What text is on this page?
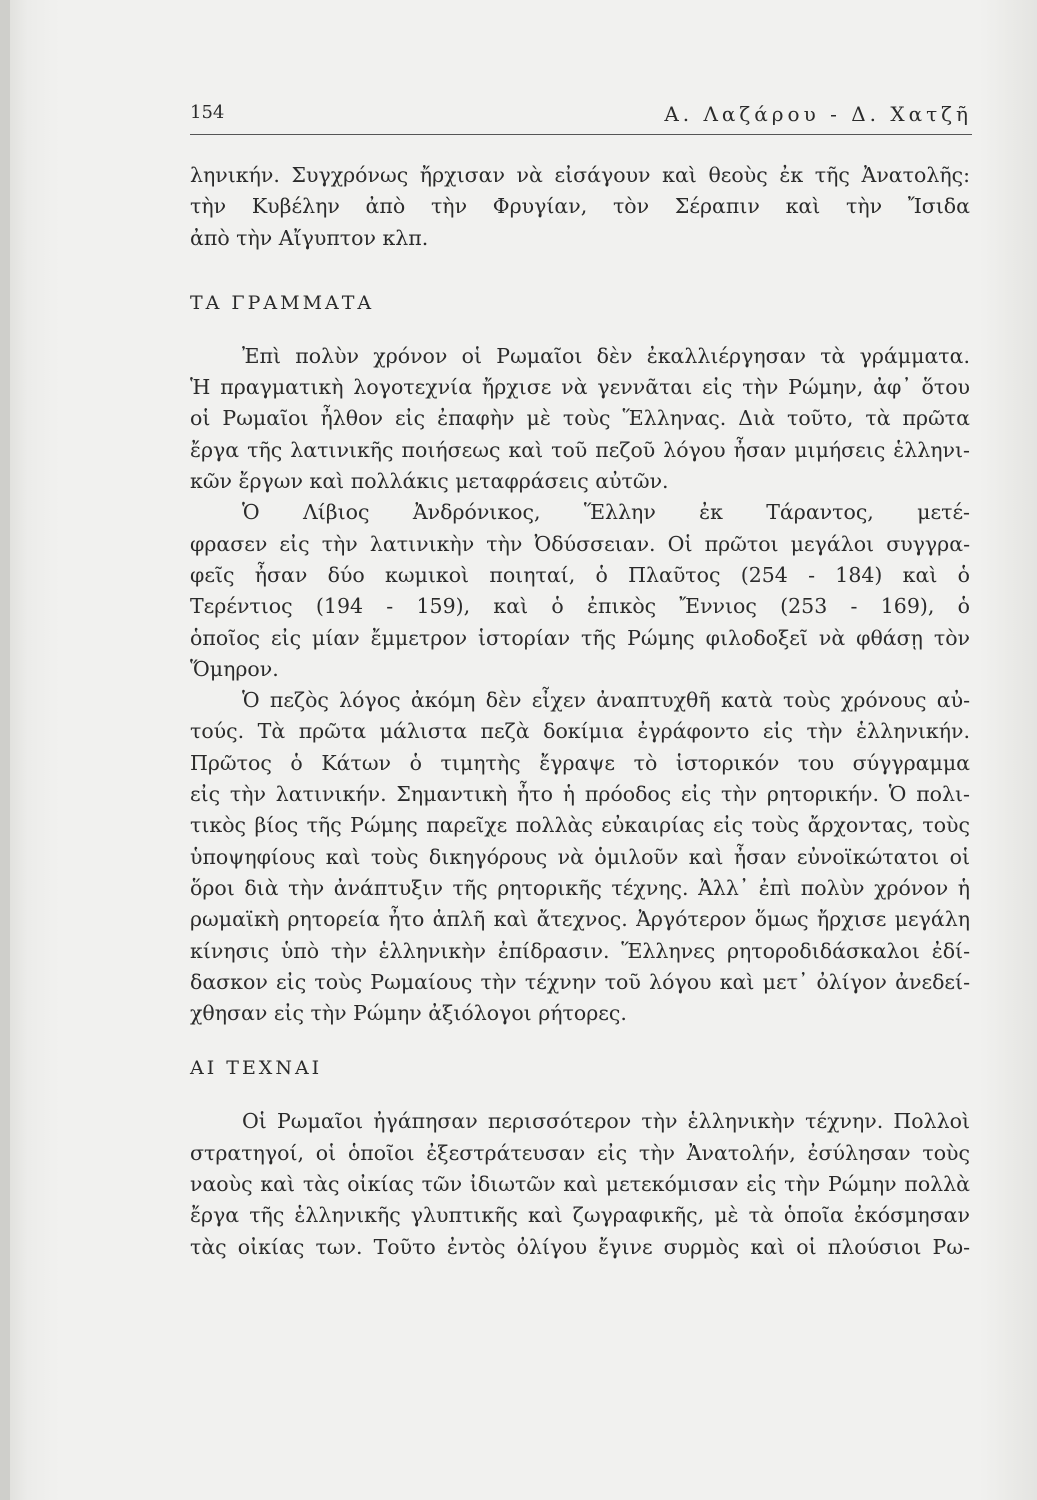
154	Α. Λαζάρου - Δ. Χατζῆ
ληνικήν. Συγχρόνως ἤρχισαν νὰ εἰσάγουν καὶ θεοὺς ἐκ τῆς Ἀνατολῆς:
τὴν Κυβέλην ἀπὸ τὴν Φρυγίαν, τὸν Σέραπιν καὶ τὴν Ἴσιδα
ἀπὸ τὴν Αἴγυπτον κλπ.
ΤΑ ΓΡΑΜΜΑΤΑ
Ἐπὶ πολὺν χρόνον οἱ Ρωμαῖοι δὲν ἐκαλλιέργησαν τὰ γράμματα.
Ἡ πραγματικὴ λογοτεχνία ἤρχισε νὰ γεννᾶται εἰς τὴν Ρώμην, ἀφ᾽ ὅτου
οἱ Ρωμαῖοι ἦλθον εἰς ἐπαφὴν μὲ τοὺς Ἕλληνας. Διὰ τοῦτο, τὰ πρῶτα
ἔργα τῆς λατινικῆς ποιήσεως καὶ τοῦ πεζοῦ λόγου ἦσαν μιμήσεις ἑλληνι-
κῶν ἔργων καὶ πολλάκις μεταφράσεις αὐτῶν.
Ὁ Λίβιος Ἀνδρόνικος, Ἕλλην ἐκ Τάραντος, μετέ-
φρασεν εἰς τὴν λατινικὴν τὴν Ὀδύσσειαν. Οἱ πρῶτοι μεγάλοι συγγρα-
φεῖς ἦσαν δύο κωμικοὶ ποιηταί, ὁ Πλαῦτος (254 - 184) καὶ ὁ
Τερέντιος (194 - 159), καὶ ὁ ἐπικὸς Ἔννιος (253 - 169), ὁ
ὁποῖος εἰς μίαν ἔμμετρον ἱστορίαν τῆς Ρώμης φιλοδοξεῖ νὰ φθάσῃ τὸν
Ὅμηρον.
Ὁ πεζὸς λόγος ἀκόμη δὲν εἶχεν ἀναπτυχθῆ κατὰ τοὺς χρόνους αὐ-
τούς. Τὰ πρῶτα μάλιστα πεζὰ δοκίμια ἐγράφοντο εἰς τὴν ἑλληνικήν.
Πρῶτος ὁ Κάτων ὁ τιμητὴς ἔγραψε τὸ ἱστορικόν του σύγγραμμα
εἰς τὴν λατινικήν. Σημαντικὴ ἦτο ἡ πρόοδος εἰς τὴν ρητορικήν. Ὁ πολι-
τικὸς βίος τῆς Ρώμης παρεῖχε πολλὰς εὐκαιρίας εἰς τοὺς ἄρχοντας, τοὺς
ὑποψηφίους καὶ τοὺς δικηγόρους νὰ ὁμιλοῦν καὶ ἦσαν εὐνοϊκώτατοι οἱ
ὅροι διὰ τὴν ἀνάπτυξιν τῆς ρητορικῆς τέχνης. Ἀλλ᾽ ἐπὶ πολὺν χρόνον ἡ
ρωμαϊκὴ ρητορεία ἦτο ἁπλῆ καὶ ἄτεχνος. Ἀργότερον ὅμως ἤρχισε μεγάλη
κίνησις ὑπὸ τὴν ἑλληνικὴν ἐπίδρασιν. Ἕλληνες ρητοροδιδάσκαλοι ἐδί-
δασκον εἰς τοὺς Ρωμαίους τὴν τέχνην τοῦ λόγου καὶ μετ᾽ ὀλίγον ἀνεδεί-
χθησαν εἰς τὴν Ρώμην ἀξιόλογοι ρήτορες.
ΑΙ ΤΕΧΝΑΙ
Οἱ Ρωμαῖοι ἠγάπησαν περισσότερον τὴν ἑλληνικὴν τέχνην. Πολλοὶ
στρατηγοί, οἱ ὁποῖοι ἐξεστράτευσαν εἰς τὴν Ἀνατολήν, ἐσύλησαν τοὺς
ναοὺς καὶ τὰς οἰκίας τῶν ἰδιωτῶν καὶ μετεκόμισαν εἰς τὴν Ρώμην πολλὰ
ἔργα τῆς ἑλληνικῆς γλυπτικῆς καὶ ζωγραφικῆς, μὲ τὰ ὁποῖα ἐκόσμησαν
τὰς οἰκίας των. Τοῦτο ἐντὸς ὀλίγου ἔγινε συρμὸς καὶ οἱ πλούσιοι Ρω-
